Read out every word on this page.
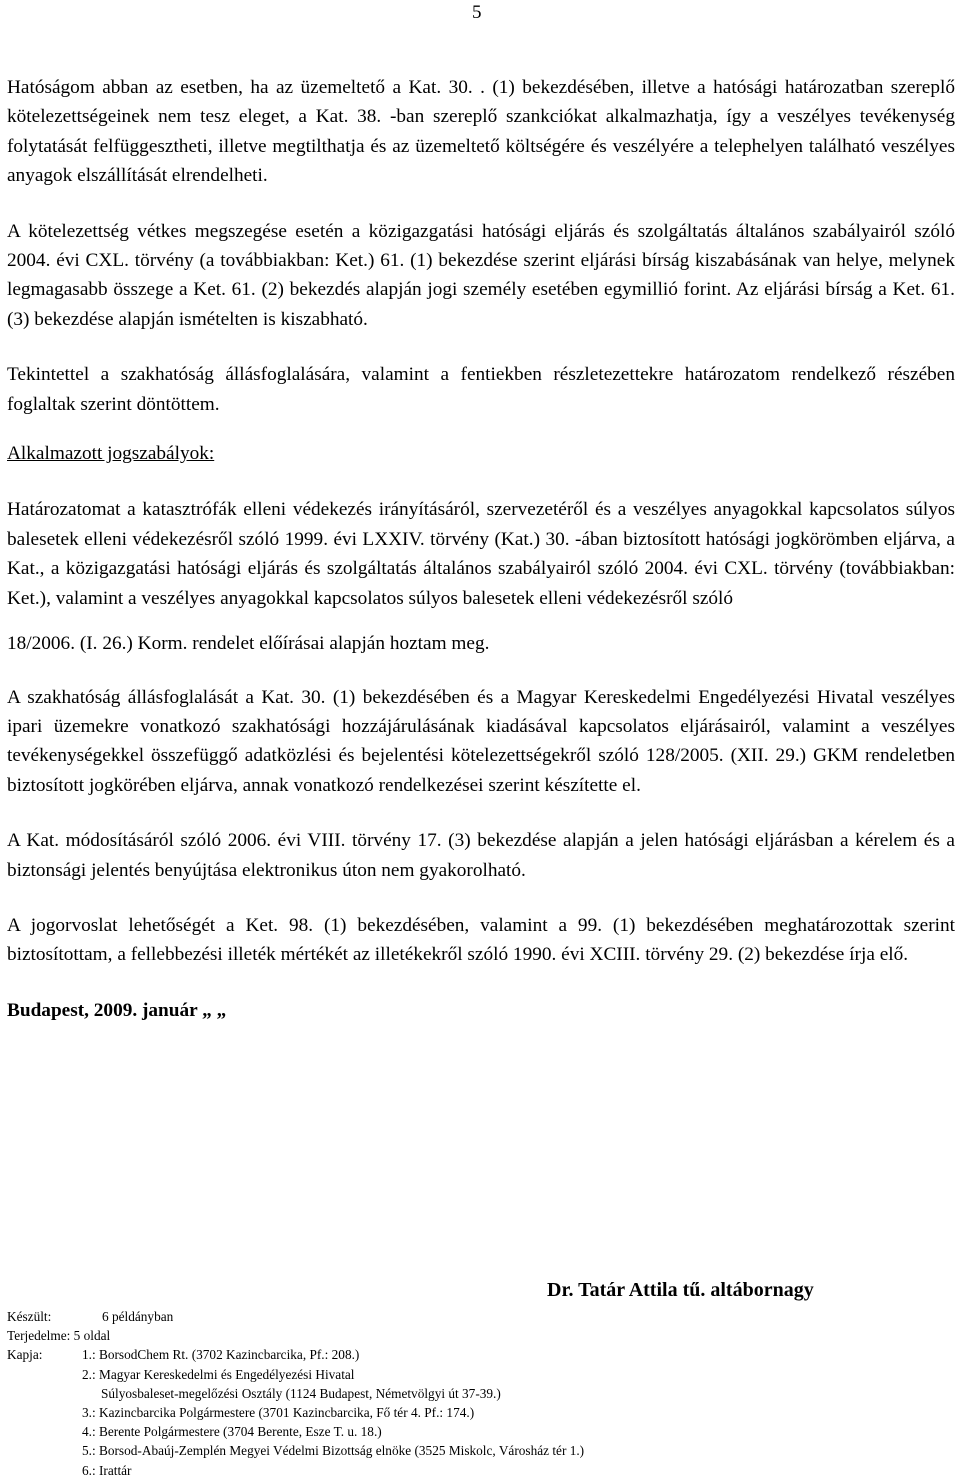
5

Hatóságom abban az esetben, ha az üzemeltető a Kat. 30. . (1) bekezdésében, illetve a hatósági határozatban szereplő kötelezettségeinek nem tesz eleget, a Kat. 38. -ban szereplő szankciókat alkalmazhatja, így a veszélyes tevékenység folytatását felfüggesztheti, illetve megtilthatja és az üzemeltető költségére és veszélyére a telephelyen található veszélyes anyagok elszállítását elrendelheti.

A kötelezettség vétkes megszegése esetén a közigazgatási hatósági eljárás és szolgáltatás általános szabályairól szóló 2004. évi CXL. törvény (a továbbiakban: Ket.) 61. (1) bekezdése szerint eljárási bírság kiszabásának van helye, melynek legmagasabb összege a Ket. 61. (2) bekezdés alapján jogi személy esetében egymillió forint. Az eljárási bírság a Ket. 61. (3) bekezdése alapján ismételten is kiszabható.

Tekintettel a szakhatóság állásfoglalására, valamint a fentiekben részletezettekre határozatom rendelkező részében foglaltak szerint döntöttem.

Alkalmazott jogszabályok:

Határozatomat a katasztrófák elleni védekezés irányításáról, szervezetéről és a veszélyes anyagokkal kapcsolatos súlyos balesetek elleni védekezésről szóló 1999. évi LXXIV. törvény (Kat.) 30. -ában biztosított hatósági jogkörömben eljárva, a Kat., a közigazgatási hatósági eljárás és szolgáltatás általános szabályairól szóló 2004. évi CXL. törvény (továbbiakban: Ket.), valamint a veszélyes anyagokkal kapcsolatos súlyos balesetek elleni védekezésről szóló

18/2006. (I. 26.) Korm. rendelet előírásai alapján hoztam meg.

A szakhatóság állásfoglalását a Kat. 30. (1) bekezdésében és a Magyar Kereskedelmi Engedélyezési Hivatal veszélyes ipari üzemekre vonatkozó szakhatósági hozzájárulásának kiadásával kapcsolatos eljárásairól, valamint a veszélyes tevékenységekkel összefüggő adatközlési és bejelentési kötelezettségekről szóló 128/2005. (XII. 29.) GKM rendeletben biztosított jogkörében eljárva, annak vonatkozó rendelkezései szerint készítette el.

A Kat. módosításáról szóló 2006. évi VIII. törvény 17. (3) bekezdése alapján a jelen hatósági eljárásban a kérelem és a biztonsági jelentés benyújtása elektronikus úton nem gyakorolható.

A jogorvoslat lehetőségét a Ket. 98. (1) bekezdésében, valamint a 99. (1) bekezdésében meghatározottak szerint biztosítottam, a fellebbezési illeték mértékét az illetékekről szóló 1990. évi XCIII. törvény 29. (2) bekezdése írja elő.

Budapest, 2009. január „ „

Dr. Tatár Attila tű. altábornagy
Készült:	6 példányban
Terjedelme: 5 oldal
Kapja:	1.: BorsodChem Rt. (3702 Kazincbarcika, Pf.: 208.)
2.: Magyar Kereskedelmi és Engedélyezési Hivatal
Súlyosbaleset-megelőzési Osztály (1124 Budapest, Németvölgyi út 37-39.)
3.: Kazincbarcika Polgármestere (3701 Kazincbarcika, Fő tér 4. Pf.: 174.)
4.: Berente Polgármestere (3704 Berente, Esze T. u. 18.)
5.: Borsod-Abaúj-Zemplén Megyei Védelmi Bizottság elnöke (3525 Miskolc, Városház tér 1.)
6.: Irattár
